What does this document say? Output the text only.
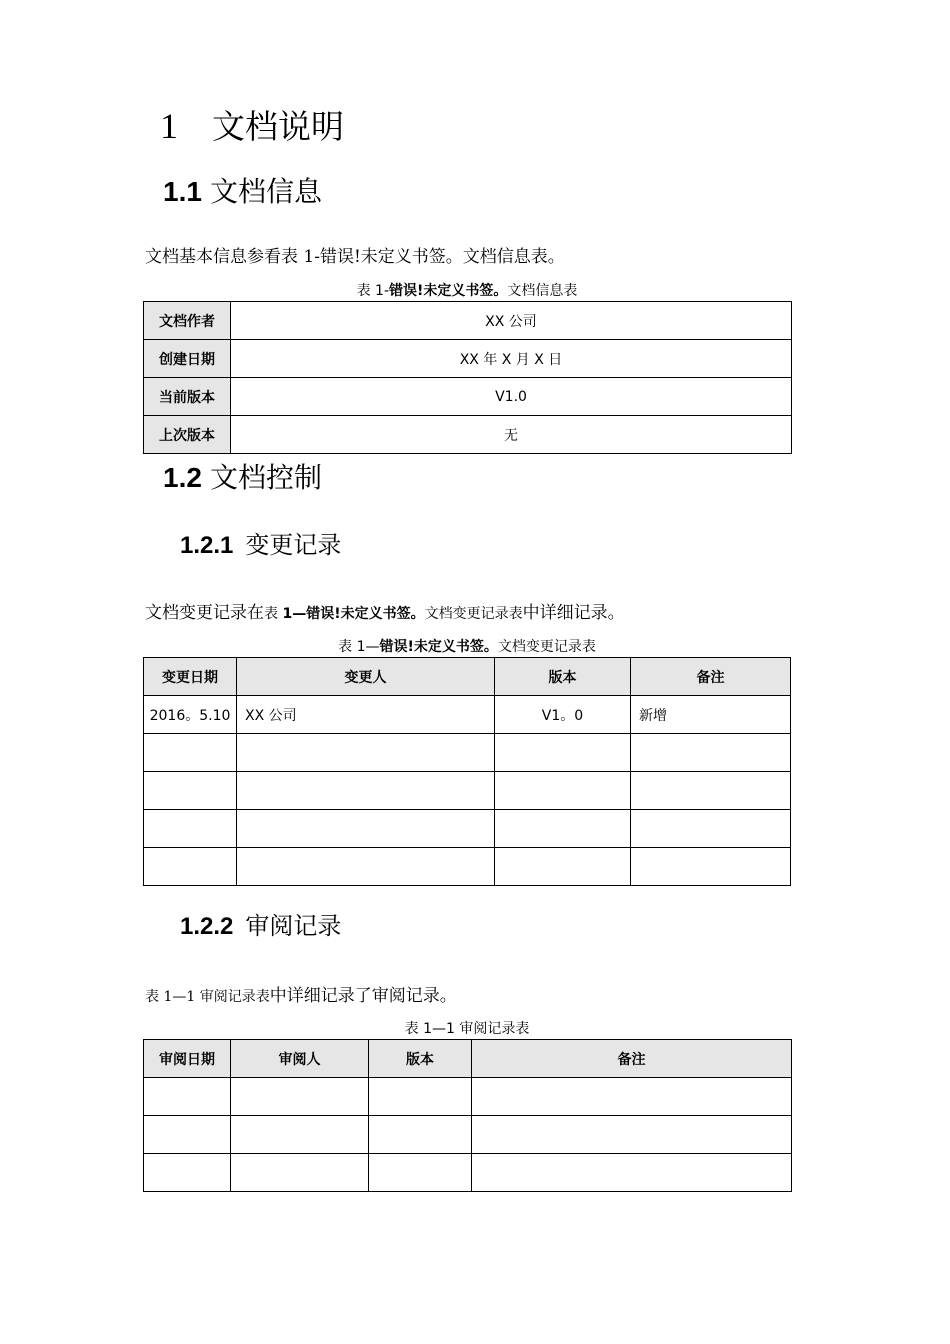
1 文档说明
1.1 文档信息
文档基本信息参看表 1-错误!未定义书签。文档信息表。
表 1-错误!未定义书签。文档信息表
文档作者	XX 公司
创建日期	XX 年 X 月 X 日
当前版本	V1.0
上次版本	无
1.2 文档控制
1.2.1 变更记录
文档变更记录在表 1—错误!未定义书签。文档变更记录表中详细记录。
表 1—错误!未定义书签。文档变更记录表
变更日期	变更人	版本	备注
2016。5.10	XX 公司	V1。0	新增

1.2.2 审阅记录
表 1—1 审阅记录表中详细记录了审阅记录。
表 1—1 审阅记录表
审阅日期	审阅人	版本	备注
